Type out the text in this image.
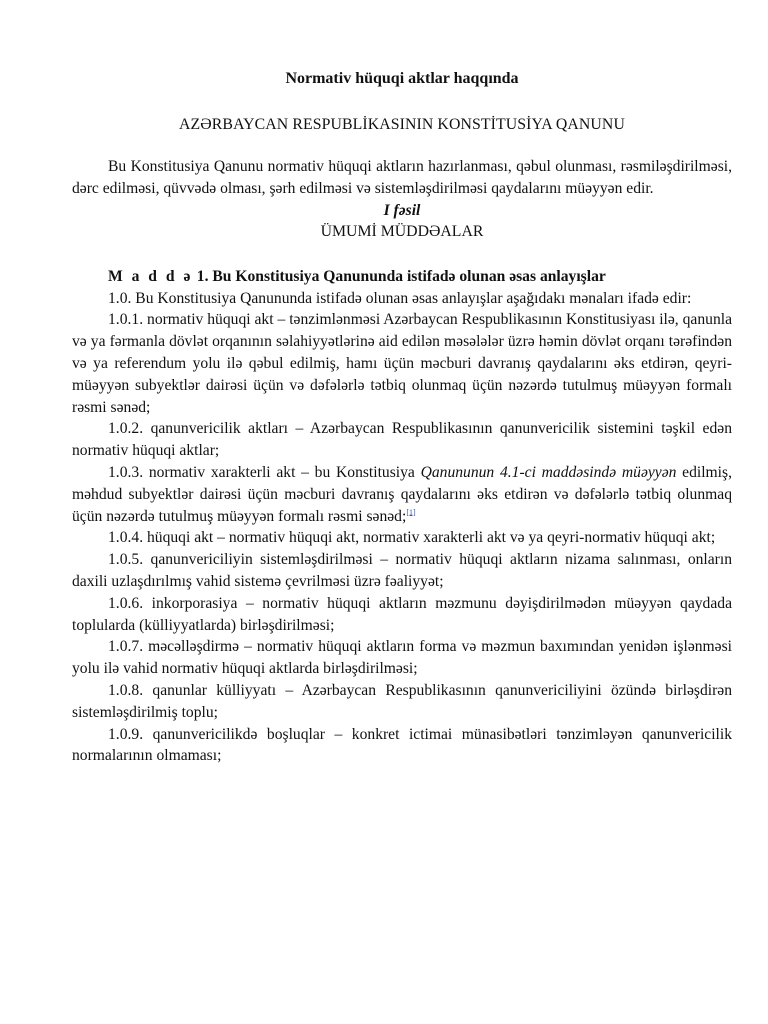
Normativ hüquqi aktlar haqqında

AZƏRBAYCAN RESPUBLİKASININ KONSTİTUSİYA QANUNU

Bu Konstitusiya Qanunu normativ hüquqi aktların hazırlanması, qəbul olunması, rəsmiləşdirilməsi, dərc edilməsi, qüvvədə olması, şərh edilməsi və sistemləşdirilməsi qaydalarını müəyyən edir.

I fəsil

ÜMUMİ MÜDDƏALAR

M a d d ə 1. Bu Konstitusiya Qanununda istifadə olunan əsas anlayışlar

1.0. Bu Konstitusiya Qanununda istifadə olunan əsas anlayışlar aşağıdakı mənaları ifadə edir:

1.0.1. normativ hüquqi akt – tənzimlənməsi Azərbaycan Respublikasının Konstitusiyası ilə, qanunla və ya fərmanla dövlət orqanının səlahiyyətlərinə aid edilən məsələlər üzrə həmin dövlət orqanı tərəfindən və ya referendum yolu ilə qəbul edilmiş, hamı üçün məcburi davranış qaydalarını əks etdirən, qeyri-müəyyən subyektlər dairəsi üçün və dəfələrlə tətbiq olunmaq üçün nəzərdə tutulmuş müəyyən formalı rəsmi sənəd;

1.0.2. qanunvericilik aktları – Azərbaycan Respublikasının qanunvericilik sistemini təşkil edən normativ hüquqi aktlar;

1.0.3. normativ xarakterli akt – bu Konstitusiya Qanununun 4.1-ci maddəsində müəyyən edilmiş, məhdud subyektlər dairəsi üçün məcburi davranış qaydalarını əks etdirən və dəfələrlə tətbiq olunmaq üçün nəzərdə tutulmuş müəyyən formalı rəsmi sənəd;[1]

1.0.4. hüquqi akt – normativ hüquqi akt, normativ xarakterli akt və ya qeyri-normativ hüquqi akt;

1.0.5. qanunvericiliyin sistemləşdirilməsi – normativ hüquqi aktların nizama salınması, onların daxili uzlaşdırılmış vahid sistemə çevrilməsi üzrə fəaliyyət;

1.0.6. inkorporasiya – normativ hüquqi aktların məzmunu dəyişdirilmədən müəyyən qaydada toplularda (külliyyatlarda) birləşdirilməsi;

1.0.7. məcəlləşdirmə – normativ hüquqi aktların forma və məzmun baxımından yenidən işlənməsi yolu ilə vahid normativ hüquqi aktlarda birləşdirilməsi;

1.0.8. qanunlar külliyyatı – Azərbaycan Respublikasının qanunvericiliyini özündə birləşdirən sistemləşdirilmiş toplu;

1.0.9. qanunvericilikdə boşluqlar – konkret ictimai münasibətləri tənzimləyən qanunvericilik normalarının olmaması;
